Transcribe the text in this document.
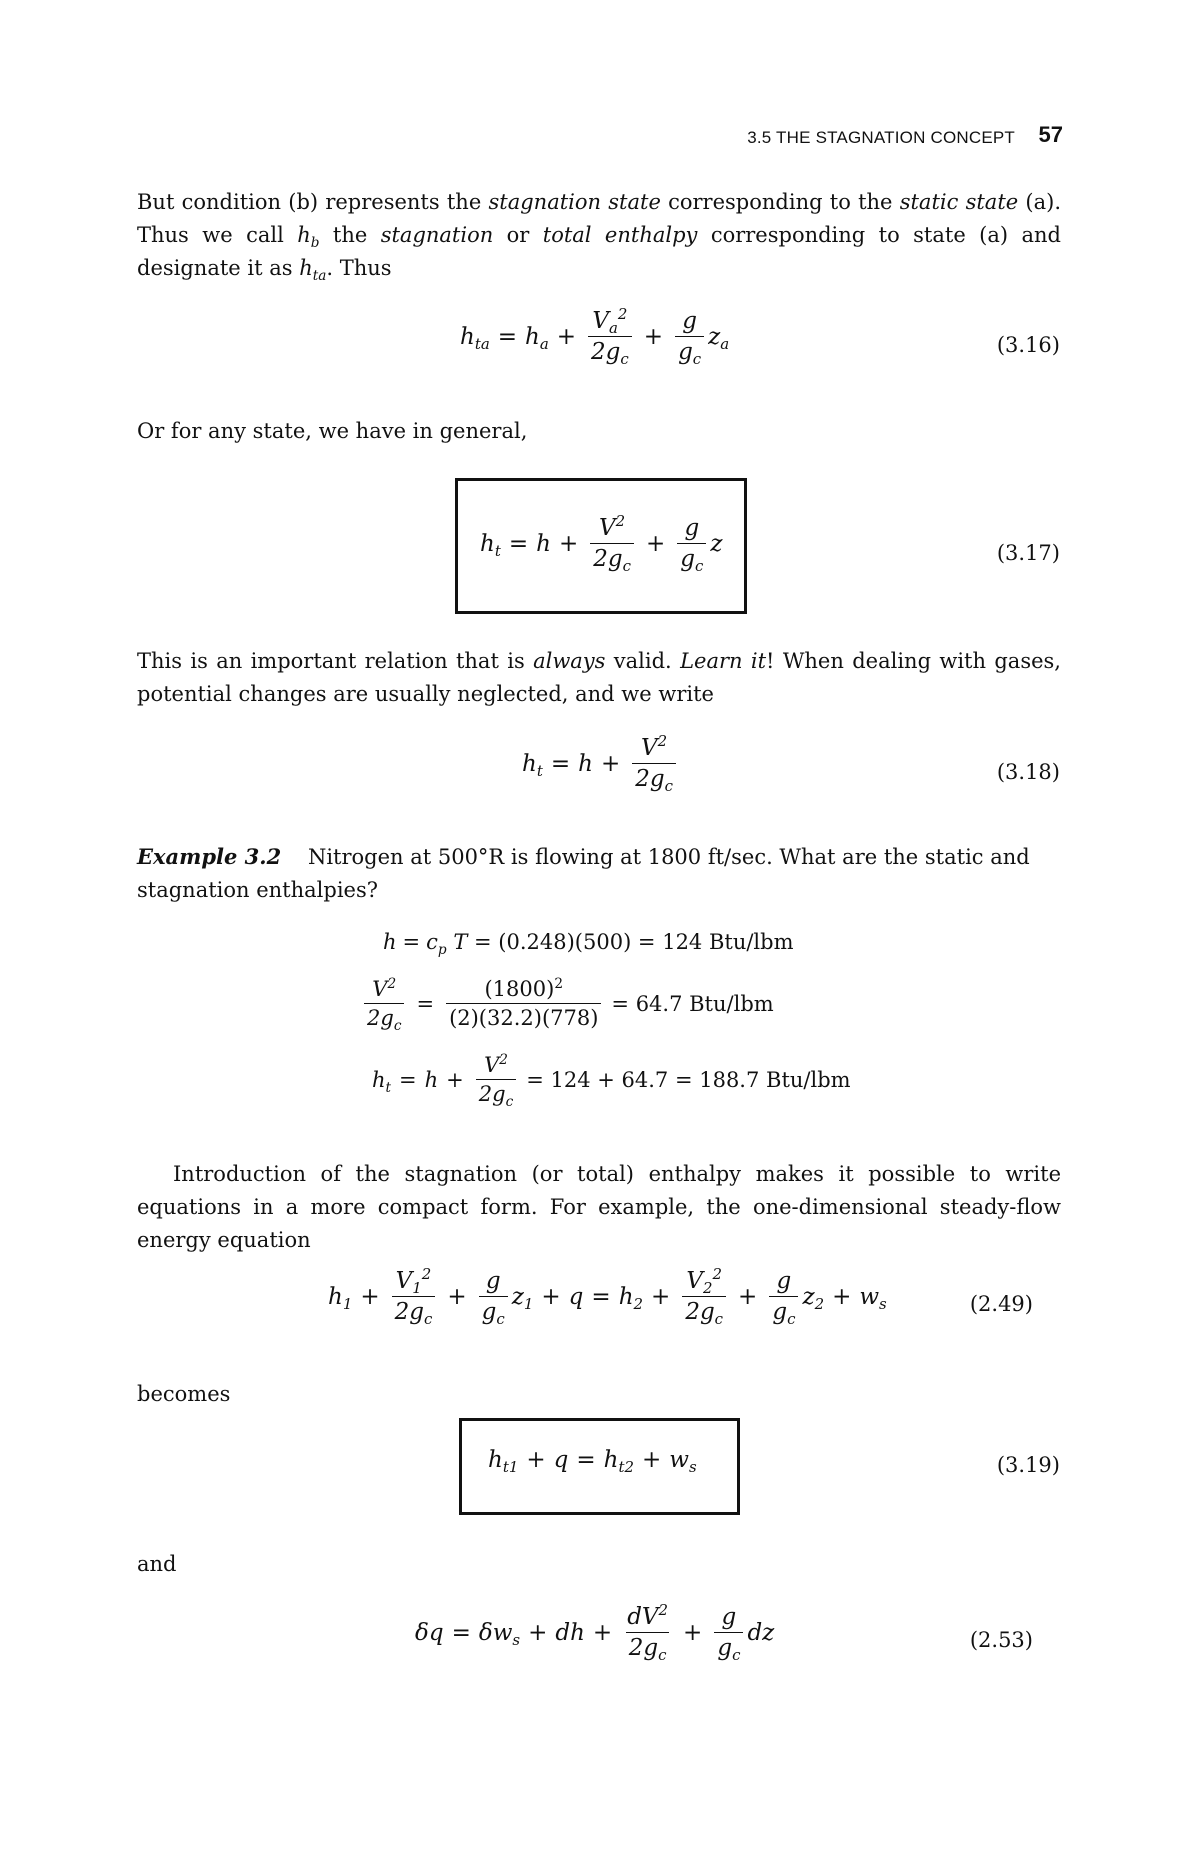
3.5 THE STAGNATION CONCEPT 57
But condition (b) represents the stagnation state corresponding to the static state (a). Thus we call $h_b$ the stagnation or total enthalpy corresponding to state (a) and designate it as $h_{ta}$. Thus
$h_{ta} = h_a + \frac{V_a^2}{2g_c} + \frac{g}{g_c} z_a$	(3.16)
Or for any state, we have in general,
$h_t = h + \frac{V^2}{2g_c} + \frac{g}{g_c}$ z	(3.17)
This is an important relation that is always valid. Learn it! When dealing with gases, potential changes are usually neglected, and we write
$h_t = h + \frac{V^2}{2g_c}$	(3.18)
Example 3.2 Nitrogen at 500°R is flowing at 1800 ft/sec. What are the static and stagnation enthalpies?
$h = c_p$ T
= (0.248)(500) = 124 Btu/lbm
$\frac{V^2}{2g_c} = \frac{(1800)^2}{(2)(32.2)(778)} = 64.7$ Btu/lbm
$h_t = h + \frac{V^2}{2g_c} = 124 + 64.7 = 188.7$ Btu/lbm
Introduction of the stagnation (or total) enthalpy makes it possible to write equations in a more compact form. For example, the one-dimensional steady-flow energy equation
$h_1 + \frac{V_1^2}{2g_c} + \frac{g}{g_c} z_1 + q = h_2 + \frac{V_2^2}{2g_c} + \frac{g}{g_c} z_2 + w_s$	(2.49)
becomes
$h_{t1} + q = h_{t2} + w_s$	(3.19)
and
$\delta q = \delta w_s$ + dh + $\frac{dV^2}{2g_c} + \frac{g}{g_c}$ dz	(2.53)
